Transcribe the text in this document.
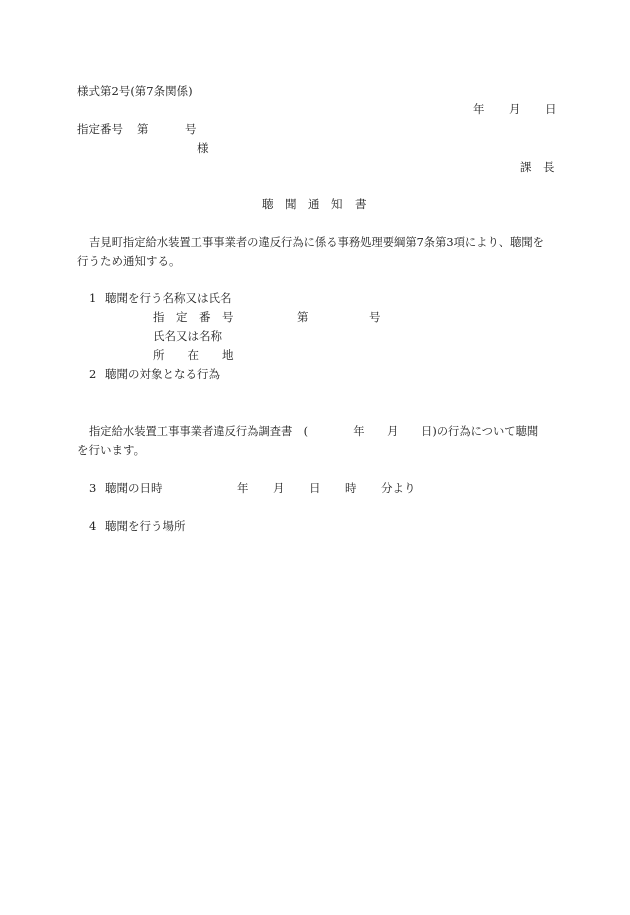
様式第2号(第7条関係)
年 月 日
指定番号 第	号
様
課　長
聴 聞 通 知 書
吉見町指定給水装置工事事業者の違反行為に係る事務処理要綱第7条第3項により、聴聞を
行うため通知する。
1 聴聞を行う名称又は氏名
指　定　番　号	第	号
氏名又は名称
所　　在　　地
2 聴聞の対象となる行為
指定給水装置工事事業者違反行為調査書　(　　　　年　　月　　日)の行為について聴聞
を行います。
3 聴聞の日時	年 月 日 時 分より
4 聴聞を行う場所
